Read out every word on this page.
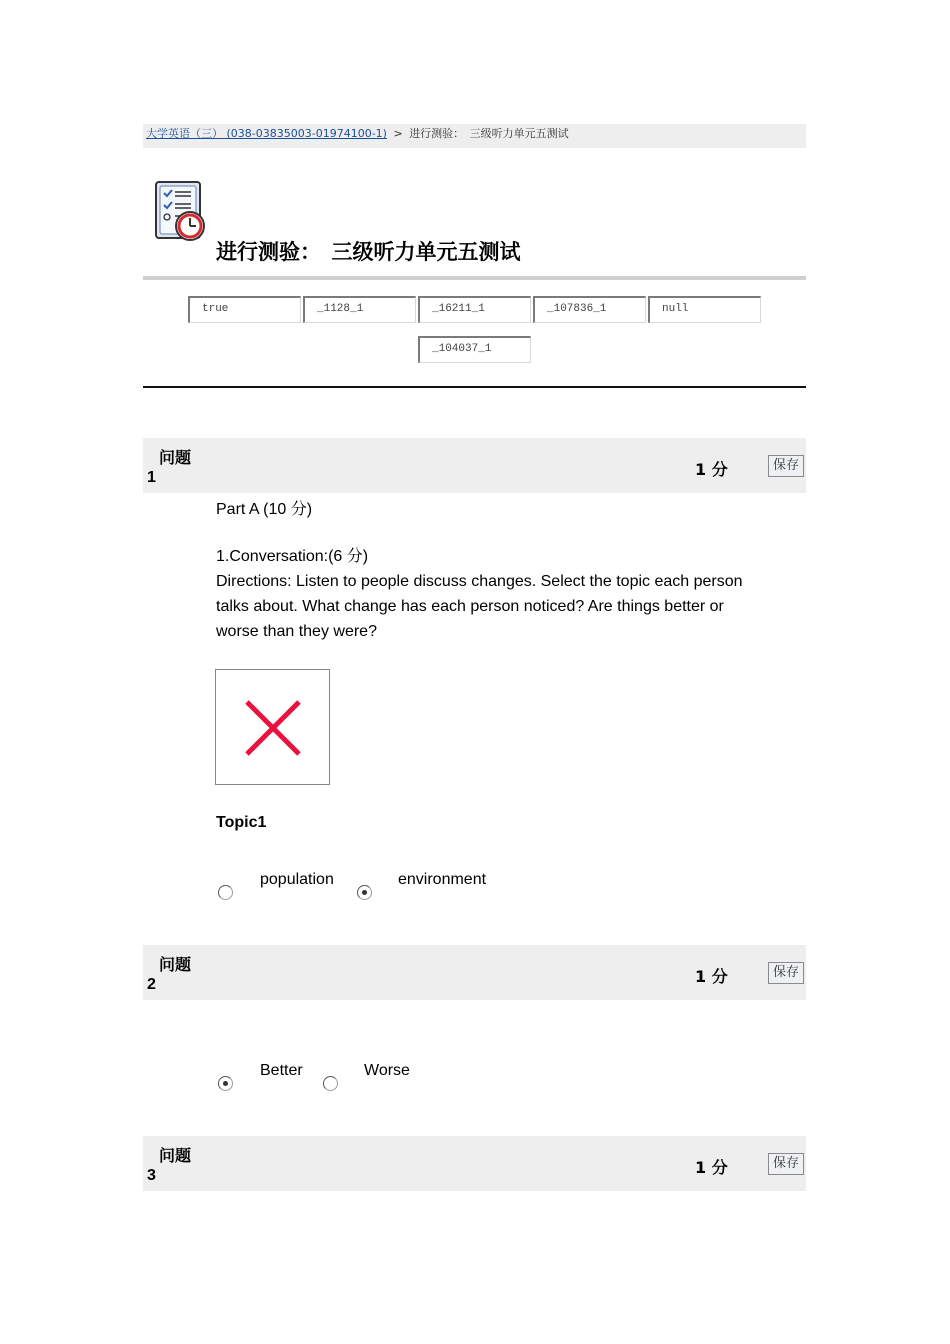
大学英语（三） (038-03835003-01974100-1) > 进行测验：　三级听力单元五测试
进行测验：　三级听力单元五测试
true	_1128_1	_16211_1	_107836_1	null
_104037_1
问题
1	1 分	保存
Part A (10 分)
1.Conversation:(6 分)
Directions: Listen to people discuss changes. Select the topic each person talks about. What change has each person noticed? Are things better or worse than they were?
Topic1
population	environment
问题
2	1 分	保存
Better	Worse
问题
3	1 分	保存
